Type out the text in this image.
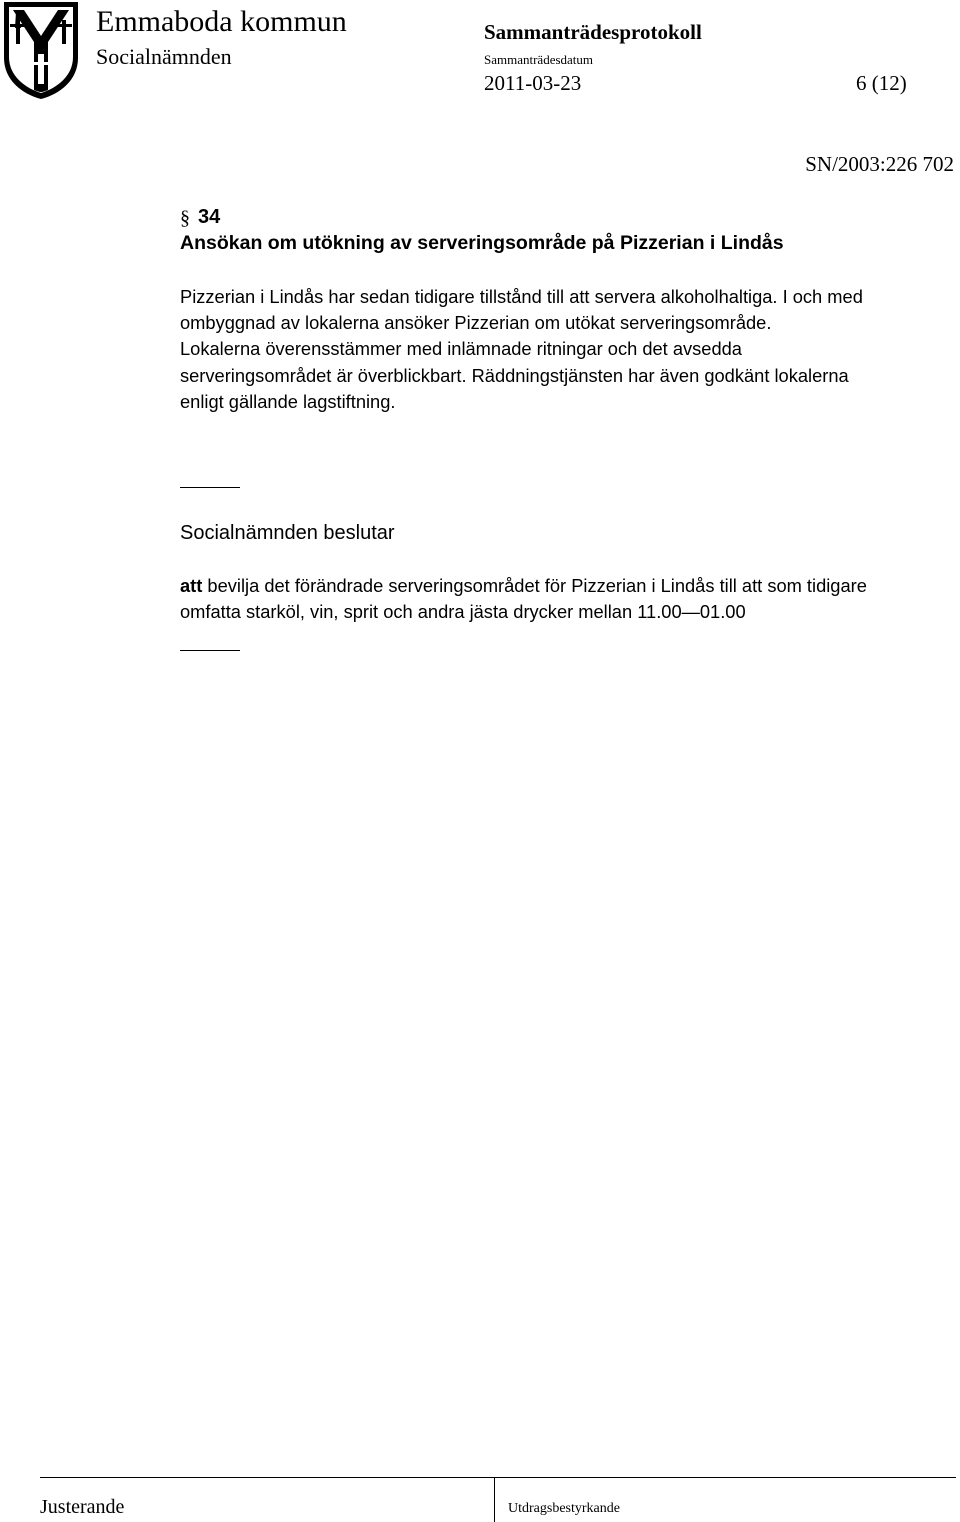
Emmaboda kommun
Socialnämnden
Sammanträdesprotokoll
Sammanträdesdatum
2011-03-23	6 (12)
SN/2003:226 702
§ 34
Ansökan om utökning av serveringsområde på Pizzerian i Lindås
Pizzerian i Lindås har sedan tidigare tillstånd till att servera alkoholhaltiga. I och med
ombyggnad av lokalerna ansöker Pizzerian om utökat serveringsområde.
Lokalerna överensstämmer med inlämnade ritningar och det avsedda
serveringsområdet är överblickbart. Räddningstjänsten har även godkänt lokalerna
enligt gällande lagstiftning.
Socialnämnden beslutar
att bevilja det förändrade serveringsområdet för Pizzerian i Lindås till att som tidigare
omfatta starköl, vin, sprit och andra jästa drycker mellan 11.00—01.00
Justerande	Utdragsbestyrkande
